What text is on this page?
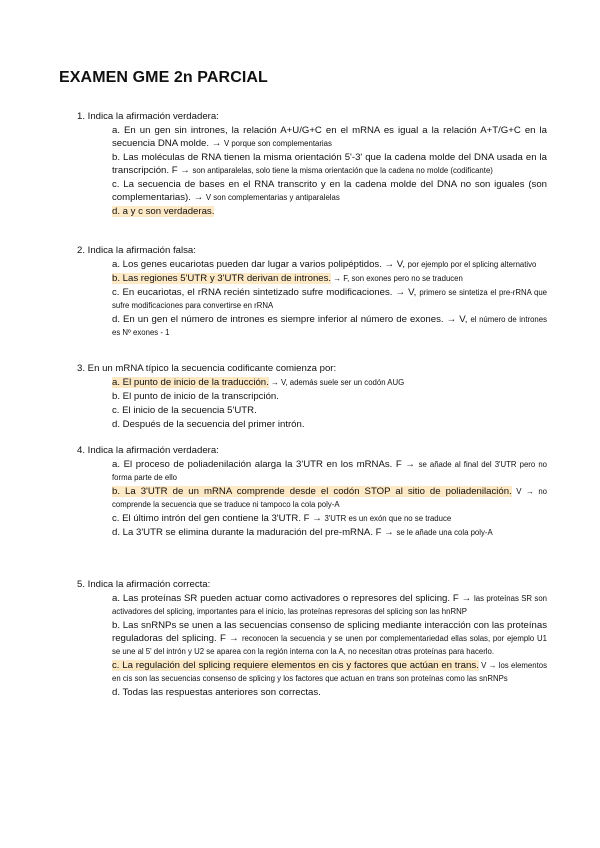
EXAMEN GME 2n PARCIAL
1. Indica la afirmación verdadera:
a. En un gen sin intrones, la relación A+U/G+C en el mRNA es igual a la relación A+T/G+C en la secuencia DNA molde. → V porque son complementarias
b. Las moléculas de RNA tienen la misma orientación 5'-3' que la cadena molde del DNA usada en la transcripción. F → son antiparalelas, solo tiene la misma orientación que la cadena no molde (codificante)
c. La secuencia de bases en el RNA transcrito y en la cadena molde del DNA no son iguales (son complementarias). → V son complementarias y antiparalelas
d. a y c son verdaderas.
2. Indica la afirmación falsa:
a. Los genes eucariotas pueden dar lugar a varios polipéptidos. → V, por ejemplo por el splicing alternativo
b. Las regiones 5'UTR y 3'UTR derivan de intrones. → F, son exones pero no se traducen
c. En eucariotas, el rRNA recién sintetizado sufre modificaciones. → V, primero se sintetiza el pre-rRNA que sufre modificaciones para convertirse en rRNA
d. En un gen el número de intrones es siempre inferior al número de exones. → V, el número de intrones es Nº exones - 1
3. En un mRNA típico la secuencia codificante comienza por:
a. El punto de inicio de la traducción. → V, además suele ser un codón AUG
b. El punto de inicio de la transcripción.
c. El inicio de la secuencia 5'UTR.
d. Después de la secuencia del primer intrón.
4. Indica la afirmación verdadera:
a. El proceso de poliadenilación alarga la 3'UTR en los mRNAs. F → se añade al final del 3'UTR pero no forma parte de ello
b. La 3'UTR de un mRNA comprende desde el codón STOP al sitio de poliadenilación. V → no comprende la secuencia que se traduce ni tampoco la cola poly-A
c. El último intrón del gen contiene la 3'UTR. F → 3'UTR es un exón que no se traduce
d. La 3'UTR se elimina durante la maduración del pre-mRNA. F → se le añade una cola poly-A
5. Indica la afirmación correcta:
a. Las proteínas SR pueden actuar como activadores o represores del splicing. F → las proteínas SR son activadores del splicing, importantes para el inicio, las proteínas represoras del splicing son las hnRNP
b. Las snRNPs se unen a las secuencias consenso de splicing mediante interacción con las proteínas reguladoras del splicing. F → reconocen la secuencia y se unen por complementariedad ellas solas, por ejemplo U1 se une al 5' del intrón y U2 se aparea con la región interna con la A, no necesitan otras proteínas para hacerlo.
c. La regulación del splicing requiere elementos en cis y factores que actúan en trans. V → los elementos en cis son las secuencias consenso de splicing y los factores que actuan en trans son proteínas como las snRNPs
d. Todas las respuestas anteriores son correctas.
